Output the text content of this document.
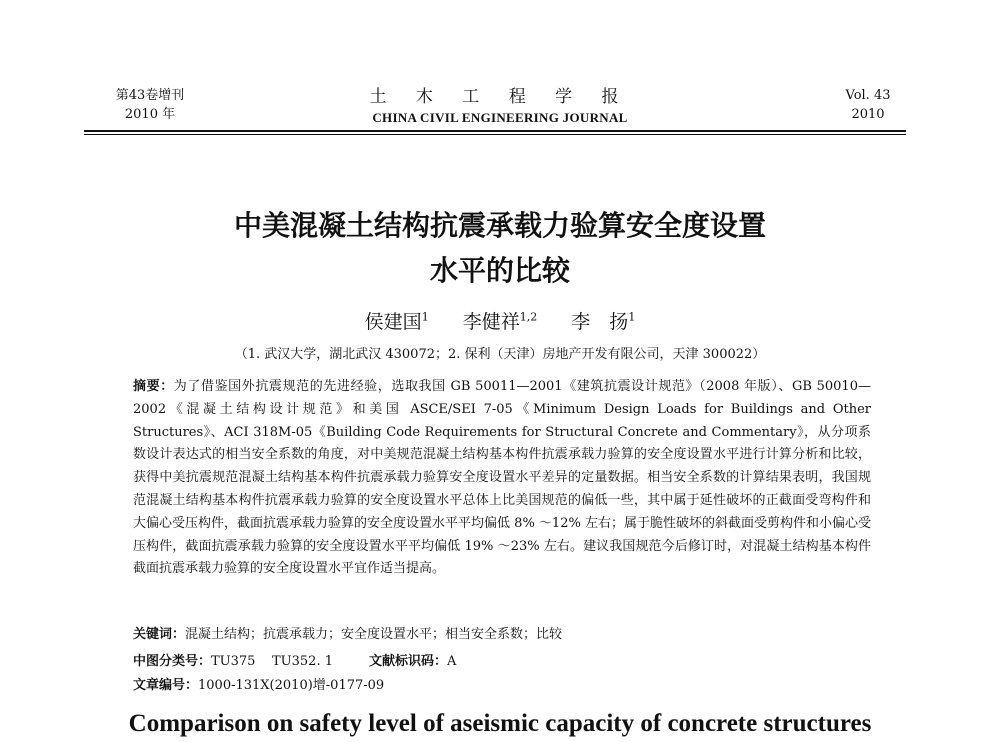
第43卷增刊
2010 年
土 木 工 程 学 报
CHINA CIVIL ENGINEERING JOURNAL
Vol. 43
2010
中美混凝土结构抗震承载力验算安全度设置
水平的比较
侯建国$^1$ 李健祥$^{1,2}$ 李　扬$^1$
（1. 武汉大学，湖北武汉 430072；2. 保利（天津）房地产开发有限公司，天津 300022）
摘要：为了借鉴国外抗震规范的先进经验，选取我国 GB 50011—2001《建筑抗震设计规范》（2008 年版）、GB 50010—2002《混凝土结构设计规范》和美国 ASCE/SEI 7-05《Minimum Design Loads for Buildings and Other Structures》、ACI 318M-05《Building Code Requirements for Structural Concrete and Commentary》，从分项系数设计表达式的相当安全系数的角度，对中美规范混凝土结构基本构件抗震承载力验算的安全度设置水平进行计算分析和比较，获得中美抗震规范混凝土结构基本构件抗震承载力验算安全度设置水平差异的定量数据。相当安全系数的计算结果表明，我国规范混凝土结构基本构件抗震承载力验算的安全度设置水平总体上比美国规范的偏低一些，其中属于延性破坏的正截面受弯构件和大偏心受压构件，截面抗震承载力验算的安全度设置水平平均偏低 8% ～12% 左右；属于脆性破坏的斜截面受剪构件和小偏心受压构件，截面抗震承载力验算的安全度设置水平平均偏低 19% ～23% 左右。建议我国规范今后修订时，对混凝土结构基本构件截面抗震承载力验算的安全度设置水平宜作适当提高。
关键词：混凝土结构；抗震承载力；安全度设置水平；相当安全系数；比较
中图分类号：TU375 TU352. 1	文献标识码：A
文章编号：1000-131X(2010)增-0177-09
Comparison on safety level of aseismic capacity of concrete structures
